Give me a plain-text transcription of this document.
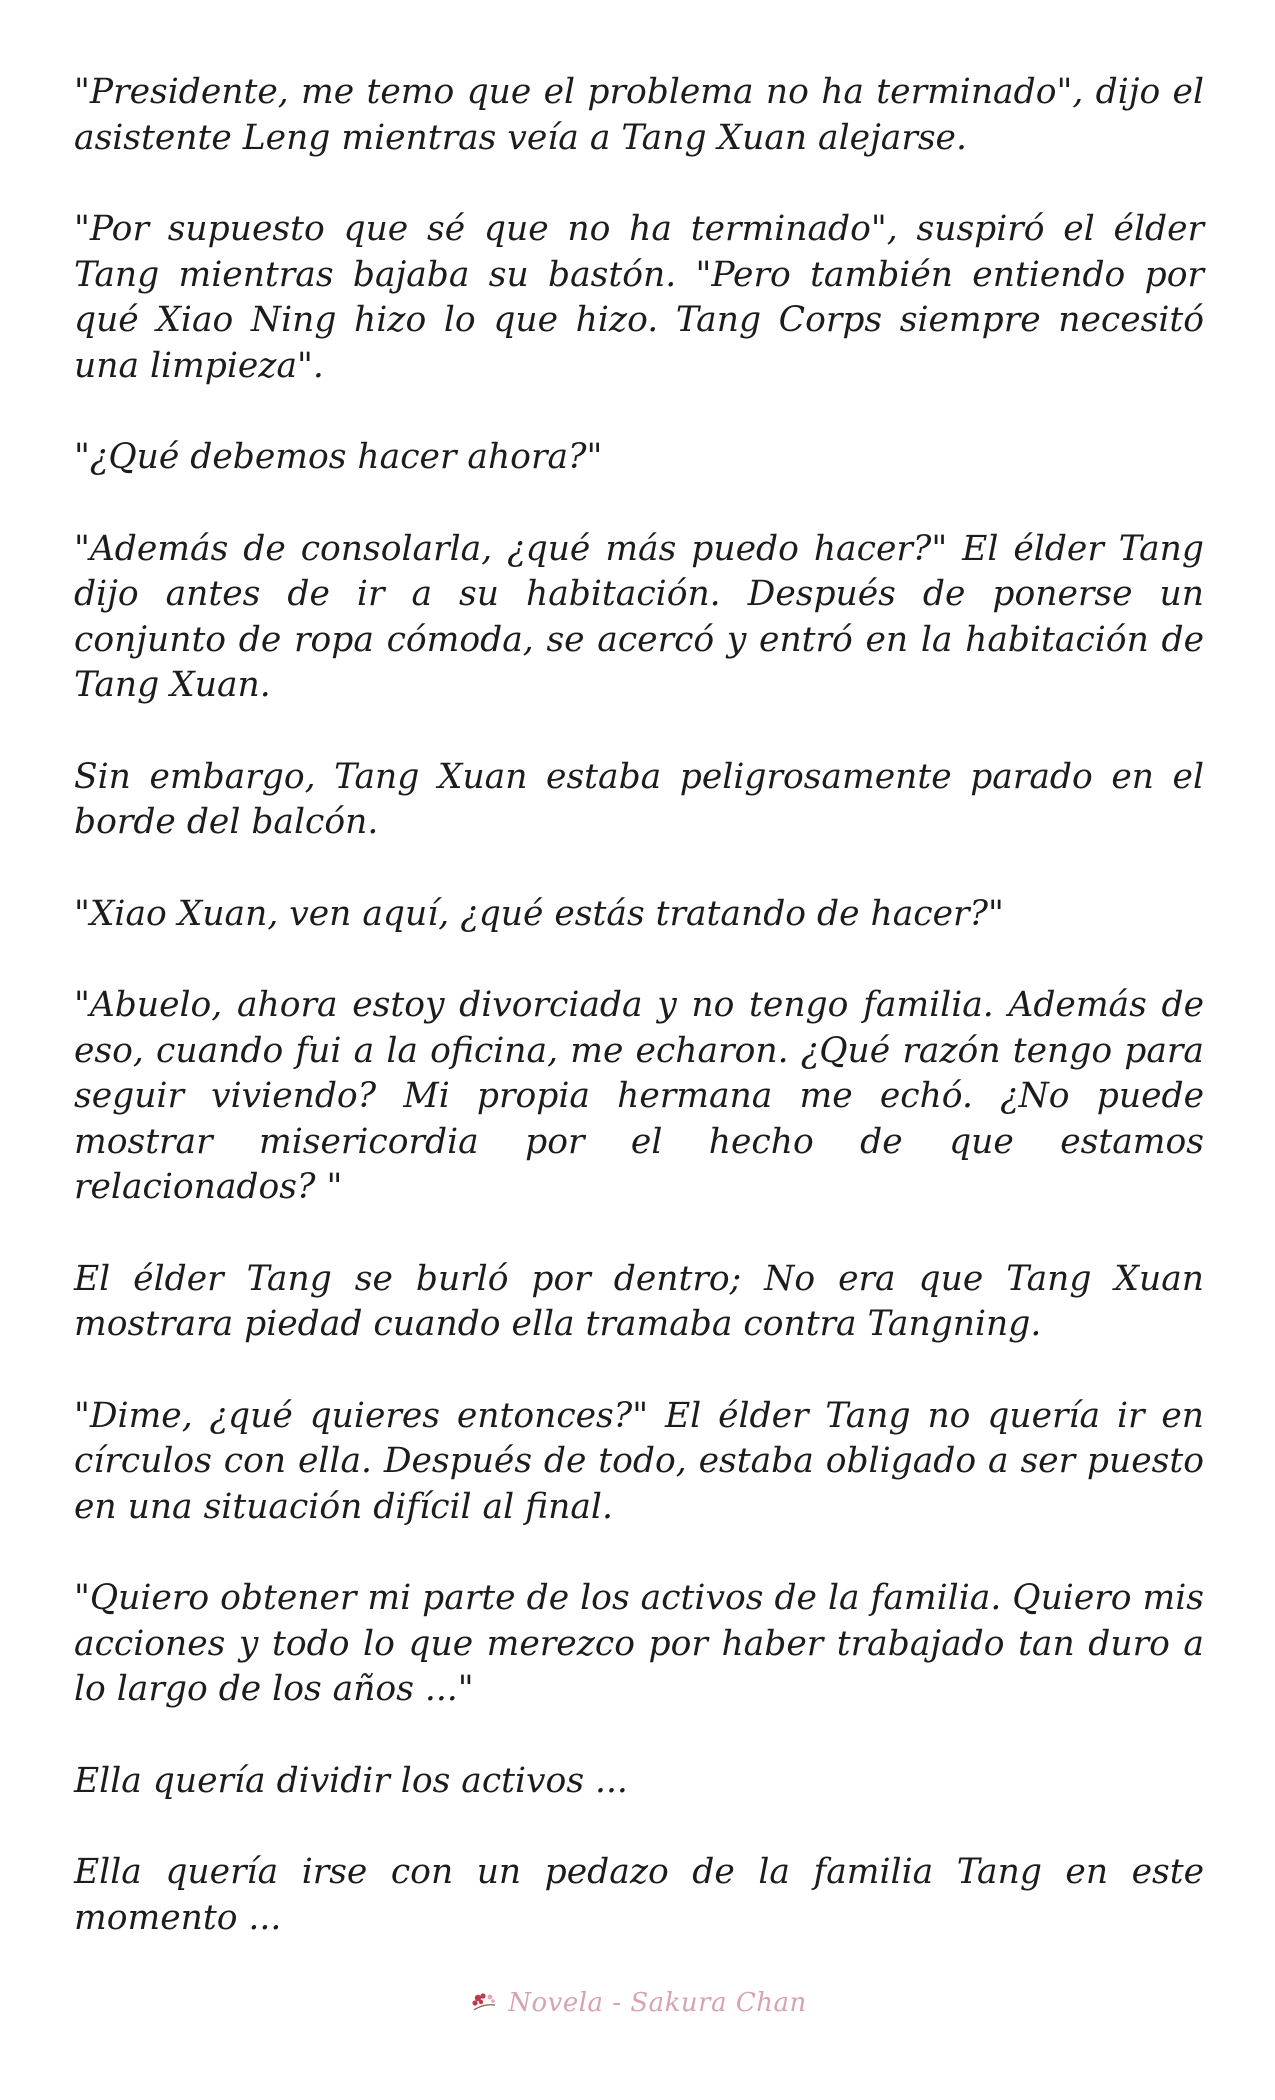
"Presidente, me temo que el problema no ha terminado", dijo el asistente Leng mientras veía a Tang Xuan alejarse.

"Por supuesto que sé que no ha terminado", suspiró el élder Tang mientras bajaba su bastón. "Pero también entiendo por qué Xiao Ning hizo lo que hizo. Tang Corps siempre necesitó una limpieza".

"¿Qué debemos hacer ahora?"

"Además de consolarla, ¿qué más puedo hacer?" El élder Tang dijo antes de ir a su habitación. Después de ponerse un conjunto de ropa cómoda, se acercó y entró en la habitación de Tang Xuan.

Sin embargo, Tang Xuan estaba peligrosamente parado en el borde del balcón.

"Xiao Xuan, ven aquí, ¿qué estás tratando de hacer?"

"Abuelo, ahora estoy divorciada y no tengo familia. Además de eso, cuando fui a la oficina, me echaron. ¿Qué razón tengo para seguir viviendo? Mi propia hermana me echó. ¿No puede mostrar misericordia por el hecho de que estamos relacionados? "

El élder Tang se burló por dentro; No era que Tang Xuan mostrara piedad cuando ella tramaba contra Tangning.

"Dime, ¿qué quieres entonces?" El élder Tang no quería ir en círculos con ella. Después de todo, estaba obligado a ser puesto en una situación difícil al final.

"Quiero obtener mi parte de los activos de la familia. Quiero mis acciones y todo lo que merezco por haber trabajado tan duro a lo largo de los años ..."

Ella quería dividir los activos ...

Ella quería irse con un pedazo de la familia Tang en este momento ...

Novela - Sakura Chan
